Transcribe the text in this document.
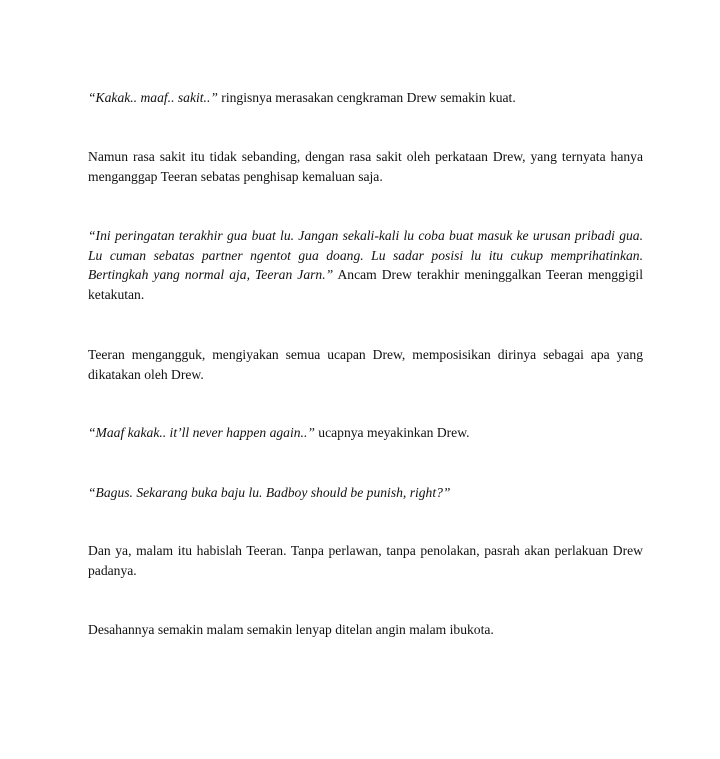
“Kakak.. maaf.. sakit..” ringisnya merasakan cengkraman Drew semakin kuat.

Namun rasa sakit itu tidak sebanding, dengan rasa sakit oleh perkataan Drew, yang ternyata hanya menganggap Teeran sebatas penghisap kemaluan saja.

“Ini peringatan terakhir gua buat lu. Jangan sekali-kali lu coba buat masuk ke urusan pribadi gua. Lu cuman sebatas partner ngentot gua doang. Lu sadar posisi lu itu cukup memprihatinkan. Bertingkah yang normal aja, Teeran Jarn.” Ancam Drew terakhir meninggalkan Teeran menggigil ketakutan.

Teeran mengangguk, mengiyakan semua ucapan Drew, memposisikan dirinya sebagai apa yang dikatakan oleh Drew.

“Maaf kakak.. it’ll never happen again..” ucapnya meyakinkan Drew.

“Bagus. Sekarang buka baju lu. Badboy should be punish, right?”

Dan ya, malam itu habislah Teeran. Tanpa perlawan, tanpa penolakan, pasrah akan perlakuan Drew padanya.

Desahannya semakin malam semakin lenyap ditelan angin malam ibukota.
